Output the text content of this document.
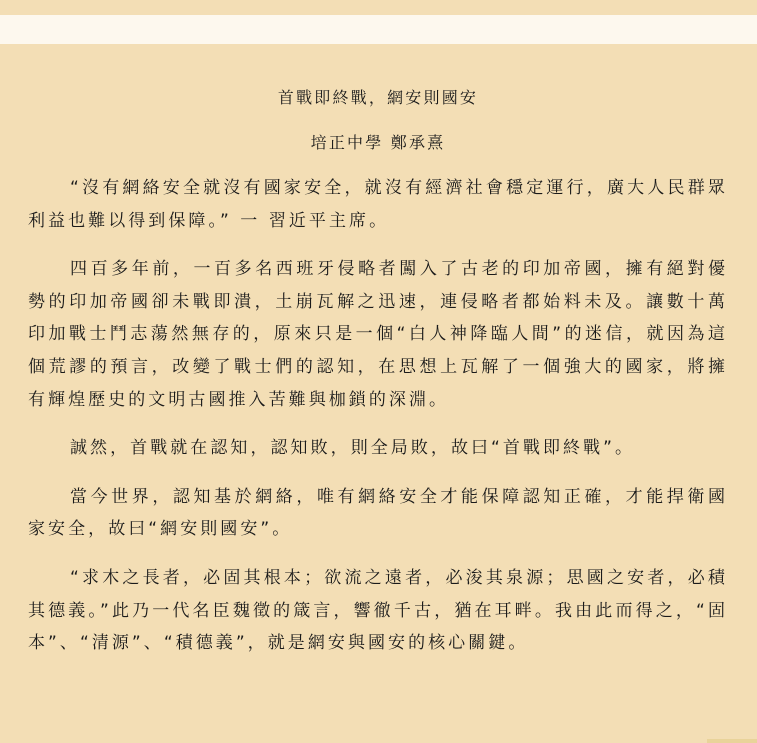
首戰即終戰，網安則國安
培正中學 鄭承熹

“沒有網絡安全就沒有國家安全，就沒有經濟社會穩定運行，廣大人民群眾利益也難以得到保障。” 一 習近平主席。

四百多年前，一百多名西班牙侵略者闖入了古老的印加帝國，擁有絕對優勢的印加帝國卻未戰即潰，土崩瓦解之迅速，連侵略者都始料未及。讓數十萬印加戰士鬥志蕩然無存的，原來只是一個“白人神降臨人間”的迷信，就因為這個荒謬的預言，改變了戰士們的認知，在思想上瓦解了一個強大的國家，將擁有輝煌歷史的文明古國推入苦難與枷鎖的深淵。

誠然，首戰就在認知，認知敗，則全局敗，故曰“首戰即終戰”。

當今世界，認知基於網絡，唯有網絡安全才能保障認知正確，才能捍衛國家安全，故曰“網安則國安”。

“求木之長者，必固其根本；欲流之遠者，必浚其泉源；思國之安者，必積其德義。”此乃一代名臣魏徵的箴言，響徹千古，猶在耳畔。我由此而得之，“固本”、“清源”、“積德義”，就是網安與國安的核心關鍵。
